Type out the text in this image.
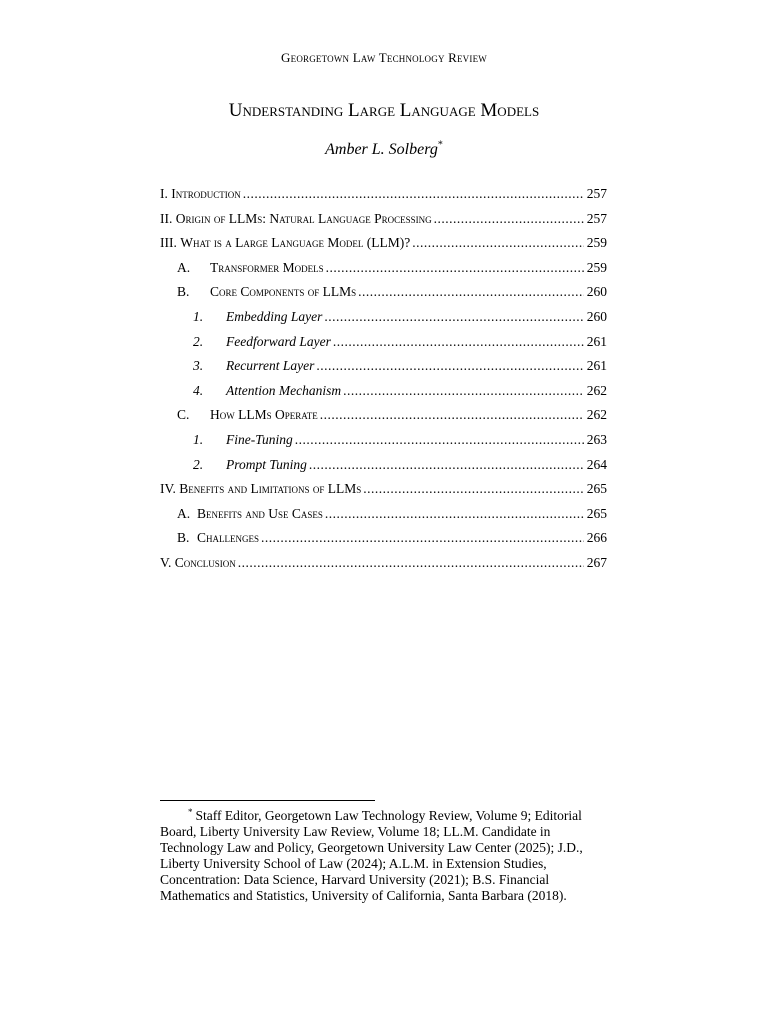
Georgetown Law Technology Review
Understanding Large Language Models
Amber L. Solberg*
I. Introduction .....	257
II. Origin of LLMs: Natural Language Processing .....	257
III. What is a Large Language Model (LLM)? .....	259
A.	Transformer Models .....	259
B.	Core Components of LLMs .....	260
1.	Embedding Layer .....	260
2.	Feedforward Layer .....	261
3.	Recurrent Layer .....	261
4.	Attention Mechanism .....	262
C.	How LLMs Operate .....	262
1.	Fine-Tuning .....	263
2.	Prompt Tuning .....	264
IV. Benefits and Limitations of LLMs .....	265
A. Benefits and Use Cases .....	265
B. Challenges .....	266
V. Conclusion .....	267
* Staff Editor, Georgetown Law Technology Review, Volume 9; Editorial Board, Liberty University Law Review, Volume 18; LL.M. Candidate in Technology Law and Policy, Georgetown University Law Center (2025); J.D., Liberty University School of Law (2024); A.L.M. in Extension Studies, Concentration: Data Science, Harvard University (2021); B.S. Financial Mathematics and Statistics, University of California, Santa Barbara (2018).
